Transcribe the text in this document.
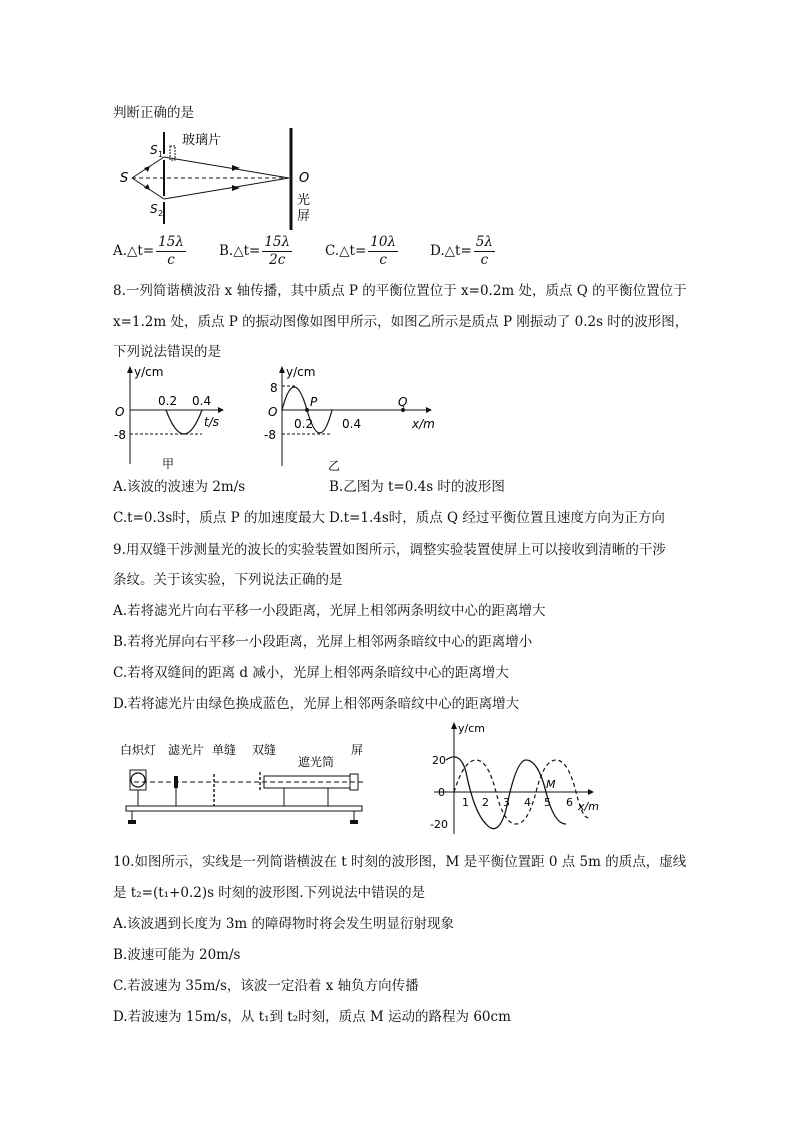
判断正确的是
S
S 1
S 2
玻璃片
O
光
屏
A.△t= $\frac{15\lambda}{c}$ B.△t= $\frac{15\lambda}{2c}$ C.△t= $\frac{10\lambda}{c}$ D.△t= $\frac{5\lambda}{c}$
8.一列简谐横波沿 x 轴传播，其中质点 P 的平衡位置位于 x=0.2m 处，质点 Q 的平衡位置位于
x=1.2m 处，质点 P 的振动图像如图甲所示，如图乙所示是质点 P 刚振动了 0.2s 时的波形图，
下列说法错误的是
y/cm
O
0.2 0.4
t/s
-8
甲
y/cm
8
O
-8
P	Q
0.2 0.4	x/m
乙
A.该波的波速为 2m/s	B.乙图为 t=0.4s 时的波形图
C.t=0.3s时，质点 P 的加速度最大 D.t=1.4s时，质点 Q 经过平衡位置且速度方向为正方向
9.用双缝干涉测量光的波长的实验装置如图所示，调整实验装置使屏上可以接收到清晰的干涉
条纹。关于该实验，下列说法正确的是
A.若将滤光片向右平移一小段距离，光屏上相邻两条明纹中心的距离增大
B.若将光屏向右平移一小段距离，光屏上相邻两条暗纹中心的距离增小
C.若将双缝间的距离 d 减小，光屏上相邻两条暗纹中心的距离增大
D.若将滤光片由绿色换成蓝色，光屏上相邻两条暗纹中心的距离增大
白炽灯 滤光片 单缝 双缝
遮光筒
屏
y/cm
20
0
-20
1 2 3 4 5 6
M
x/m
10.如图所示，实线是一列简谐横波在 t 时刻的波形图，M 是平衡位置距 0 点 5m 的质点，虚线
是 t₂=(t₁+0.2)s 时刻的波形图.下列说法中错误的是
A.该波遇到长度为 3m 的障碍物时将会发生明显衍射现象
B.波速可能为 20m/s
C.若波速为 35m/s，该波一定沿着 x 轴负方向传播
D.若波速为 15m/s，从 t₁到 t₂时刻，质点 M 运动的路程为 60cm
